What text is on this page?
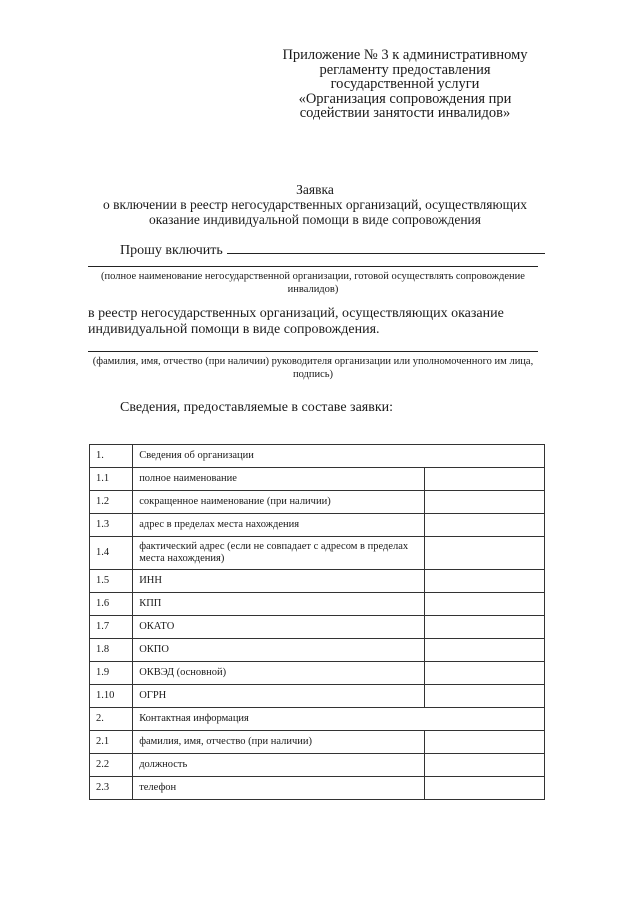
Приложение № 3 к административному
регламенту предоставления
государственной услуги
«Организация сопровождения при
содействии занятости инвалидов»
Заявка
о включении в реестр негосударственных организаций, осуществляющих
оказание индивидуальной помощи в виде сопровождения
Прошу включить
(полное наименование негосударственной организации, готовой осуществлять сопровождение
инвалидов)
в реестр негосударственных организаций, осуществляющих оказание
индивидуальной помощи в виде сопровождения.
(фамилия, имя, отчество (при наличии) руководителя организации или уполномоченного им лица,
подпись)
Сведения, предоставляемые в составе заявки:
1.	Сведения об организации	
1.1	полное наименование	
1.2	сокращенное наименование (при наличии)	
1.3	адрес в пределах места нахождения	
1.4	фактический адрес (если не совпадает с адресом в пределах места нахождения)	
1.5	ИНН	
1.6	КПП	
1.7	ОКАТО	
1.8	ОКПО	
1.9	ОКВЭД (основной)	
1.10	ОГРН	
2.	Контактная информация	
2.1	фамилия, имя, отчество (при наличии)	
2.2	должность	
2.3	телефон	
